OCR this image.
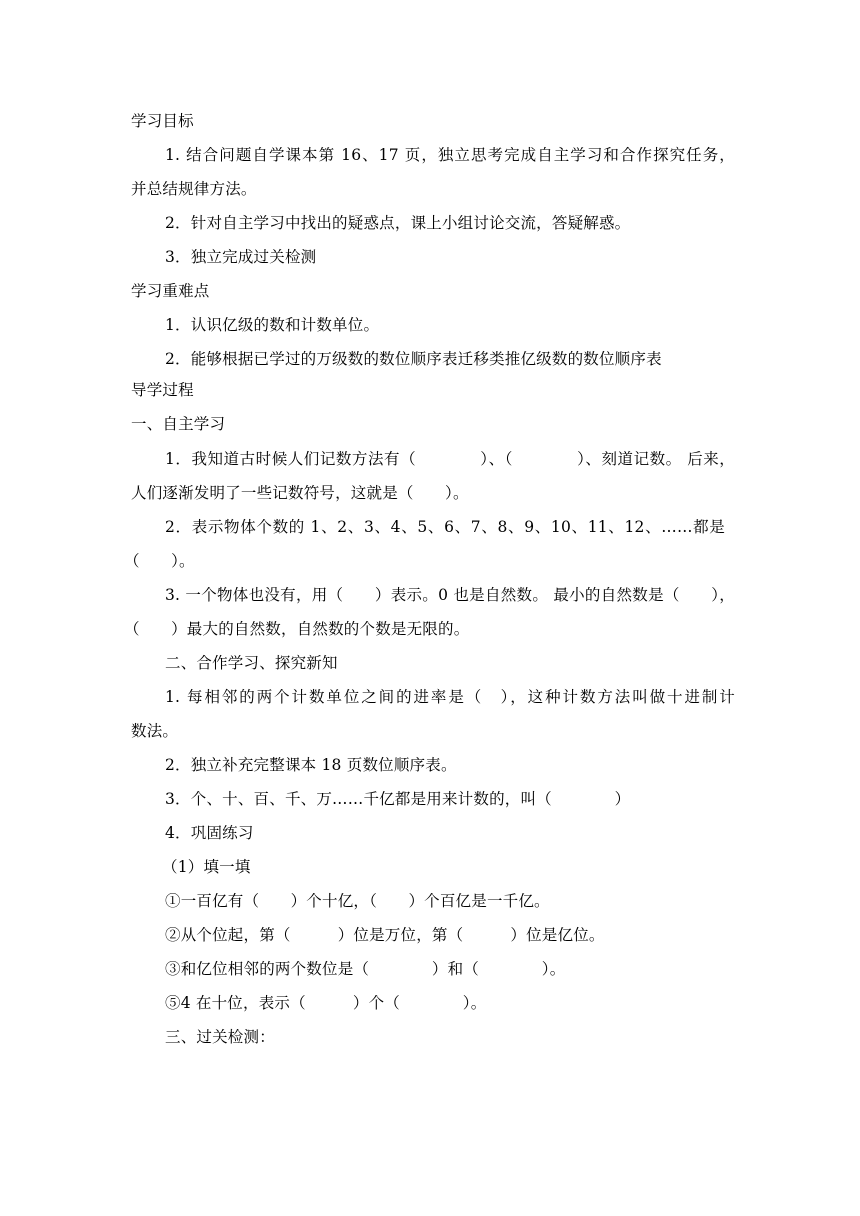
学习目标
1. 结合问题自学课本第 16、17 页，独立思考完成自主学习和合作探究任务，
并总结规律方法。
2．针对自主学习中找出的疑惑点，课上小组讨论交流，答疑解惑。
3．独立完成过关检测
学习重难点
1．认识亿级的数和计数单位。
2．能够根据已学过的万级数的数位顺序表迁移类推亿级数的数位顺序表
导学过程
一、自主学习
1．我知道古时候人们记数方法有（　　　　）、（　　　　）、刻道记数。 后来，
人们逐渐发明了一些记数符号，这就是（　　）。
2．表示物体个数的 1、2、3、4、5、6、7、8、9、10、11、12、……都是
（　　）。
3. 一个物体也没有，用（　　）表示。0 也是自然数。 最小的自然数是（　　），
（　　）最大的自然数，自然数的个数是无限的。
二、合作学习、探究新知
1. 每相邻的两个计数单位之间的进率是（　），这种计数方法叫做十进制计
数法。
2．独立补充完整课本 18 页数位顺序表。
3．个、十、百、千、万……千亿都是用来计数的，叫（　　　　）
4．巩固练习
（1）填一填
①一百亿有（　　）个十亿，（　　）个百亿是一千亿。
②从个位起，第（　　　）位是万位，第（　　　）位是亿位。
③和亿位相邻的两个数位是（　　　　）和（　　　　）。
⑤4 在十位，表示（　　　）个（　　　　）。
三、过关检测：
